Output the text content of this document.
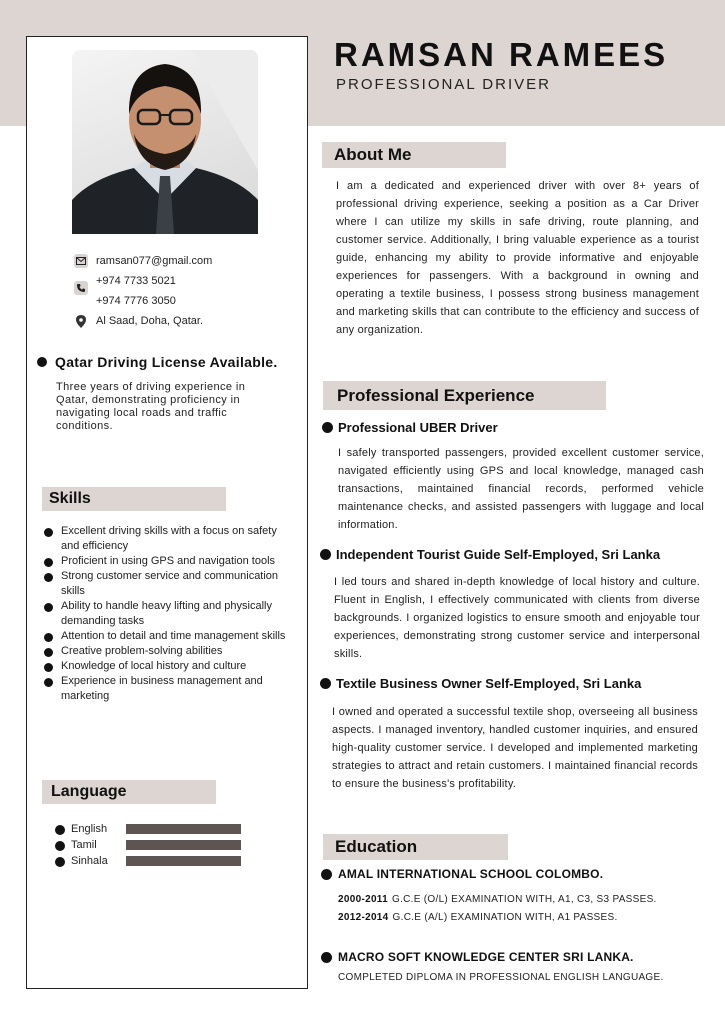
ramsan077@gmail.com
+974 7733 5021
+974 7776 3050
Al Saad, Doha, Qatar.
Qatar Driving License Available.
Three years of driving experience in Qatar, demonstrating proficiency in navigating local roads and traffic conditions.
Skills
Excellent driving skills with a focus on safety and efficiency
Proficient in using GPS and navigation tools
Strong customer service and communication skills
Ability to handle heavy lifting and physically demanding tasks
Attention to detail and time management skills
Creative problem-solving abilities
Knowledge of local history and culture
Experience in business management and marketing
Language
English
Tamil
Sinhala
RAMSAN RAMEES
PROFESSIONAL DRIVER
About Me
I am a dedicated and experienced driver with over 8+ years of professional driving experience, seeking a position as a Car Driver where I can utilize my skills in safe driving, route planning, and customer service. Additionally, I bring valuable experience as a tourist guide, enhancing my ability to provide informative and enjoyable experiences for passengers. With a background in owning and operating a textile business, I possess strong business management and marketing skills that can contribute to the efficiency and success of any organization.
Professional Experience
Professional UBER Driver
I safely transported passengers, provided excellent customer service, navigated efficiently using GPS and local knowledge, managed cash transactions, maintained financial records, performed vehicle maintenance checks, and assisted passengers with luggage and local information.
Independent Tourist Guide Self-Employed, Sri Lanka
I led tours and shared in-depth knowledge of local history and culture. Fluent in English, I effectively communicated with clients from diverse backgrounds. I organized logistics to ensure smooth and enjoyable tour experiences, demonstrating strong customer service and interpersonal skills.
Textile Business Owner Self-Employed, Sri Lanka
I owned and operated a successful textile shop, overseeing all business aspects. I managed inventory, handled customer inquiries, and ensured high-quality customer service. I developed and implemented marketing strategies to attract and retain customers. I maintained financial records to ensure the business's profitability.
Education
AMAL INTERNATIONAL SCHOOL COLOMBO.
2000-2011 G.C.E (O/L) EXAMINATION WITH, A1, C3, S3 PASSES.
2012-2014 G.C.E (A/L) EXAMINATION WITH, A1 PASSES.
MACRO SOFT KNOWLEDGE CENTER SRI LANKA.
COMPLETED DIPLOMA IN PROFESSIONAL ENGLISH LANGUAGE.
